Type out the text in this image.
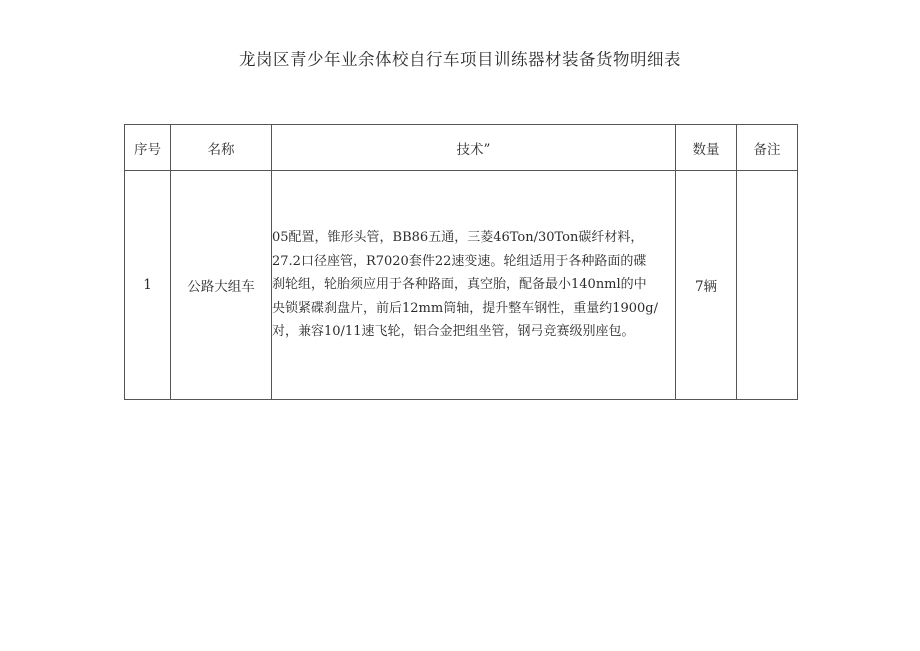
龙岗区青少年业余体校自行车项目训练器材装备货物明细表
序号	名称	技术”	数量	备注
1	公路大组车	05配置，锥形头管，BB86五通，三菱46Ton/30Ton碳纤材料，
27.2口径座管，R7020套件22速变速。轮组适用于各种路面的碟
刹轮组，轮胎须应用于各种路面，真空胎，配备最小140nml的中
央锁紧碟刹盘片，前后12mm筒轴，提升整车钢性，重量约1900g/
对，兼容10/11速飞轮，铝合金把组坐管，钢弓竞赛级别座包。	7辆	
